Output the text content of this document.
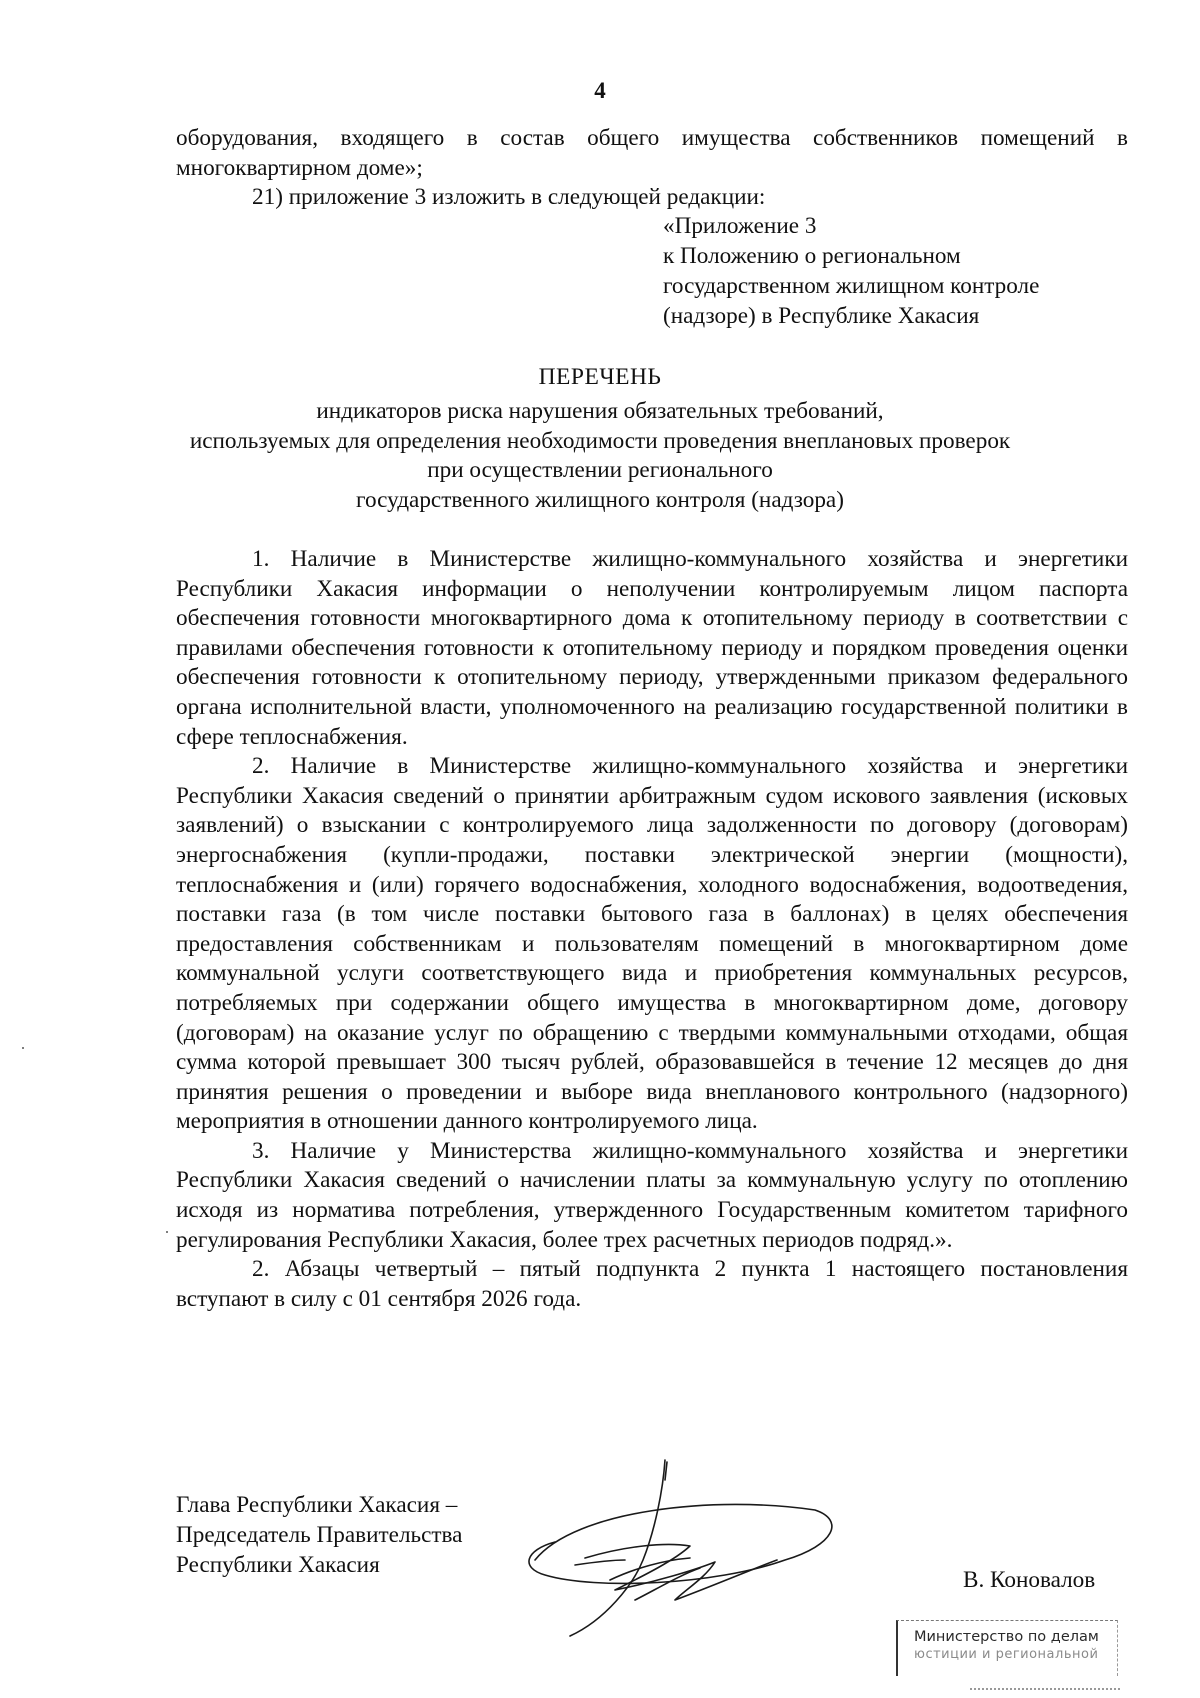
4

оборудования, входящего в состав общего имущества собственников помещений в многоквартирном доме»;

21) приложение 3 изложить в следующей редакции:

«Приложение 3
к Положению о региональном
государственном жилищном контроле
(надзоре) в Республике Хакасия
ПЕРЕЧЕНЬ
индикаторов риска нарушения обязательных требований,
используемых для определения необходимости проведения внеплановых проверок
при осуществлении регионального
государственного жилищного контроля (надзора)

1. Наличие в Министерстве жилищно-коммунального хозяйства и энергетики Республики Хакасия информации о неполучении контролируемым лицом паспорта обеспечения готовности многоквартирного дома к отопительному периоду в соответствии с правилами обеспечения готовности к отопительному периоду и порядком проведения оценки обеспечения готовности к отопительному периоду, утвержденными приказом федерального органа исполнительной власти, уполномоченного на реализацию государственной политики в сфере теплоснабжения.

2. Наличие в Министерстве жилищно-коммунального хозяйства и энергетики Республики Хакасия сведений о принятии арбитражным судом искового заявления (исковых заявлений) о взыскании с контролируемого лица задолженности по договору (договорам) энергоснабжения (купли-продажи, поставки электрической энергии (мощности), теплоснабжения и (или) горячего водоснабжения, холодного водоснабжения, водоотведения, поставки газа (в том числе поставки бытового газа в баллонах) в целях обеспечения предоставления собственникам и пользователям помещений в многоквартирном доме коммунальной услуги соответствующего вида и приобретения коммунальных ресурсов, потребляемых при содержании общего имущества в многоквартирном доме, договору (договорам) на оказание услуг по обращению с твердыми коммунальными отходами, общая сумма которой превышает 300 тысяч рублей, образовавшейся в течение 12 месяцев до дня принятия решения о проведении и выборе вида внепланового контрольного (надзорного) мероприятия в отношении данного контролируемого лица.

3. Наличие у Министерства жилищно-коммунального хозяйства и энергетики Республики Хакасия сведений о начислении платы за коммунальную услугу по отоплению исходя из норматива потребления, утвержденного Государственным комитетом тарифного регулирования Республики Хакасия, более трех расчетных периодов подряд.».

2. Абзацы четвертый – пятый подпункта 2 пункта 1 настоящего постановления вступают в силу с 01 сентября 2026 года.

Глава Республики Хакасия –
Председатель Правительства
Республики Хакасия
В. Коновалов
Министерство по делам
юстиции и региональной
